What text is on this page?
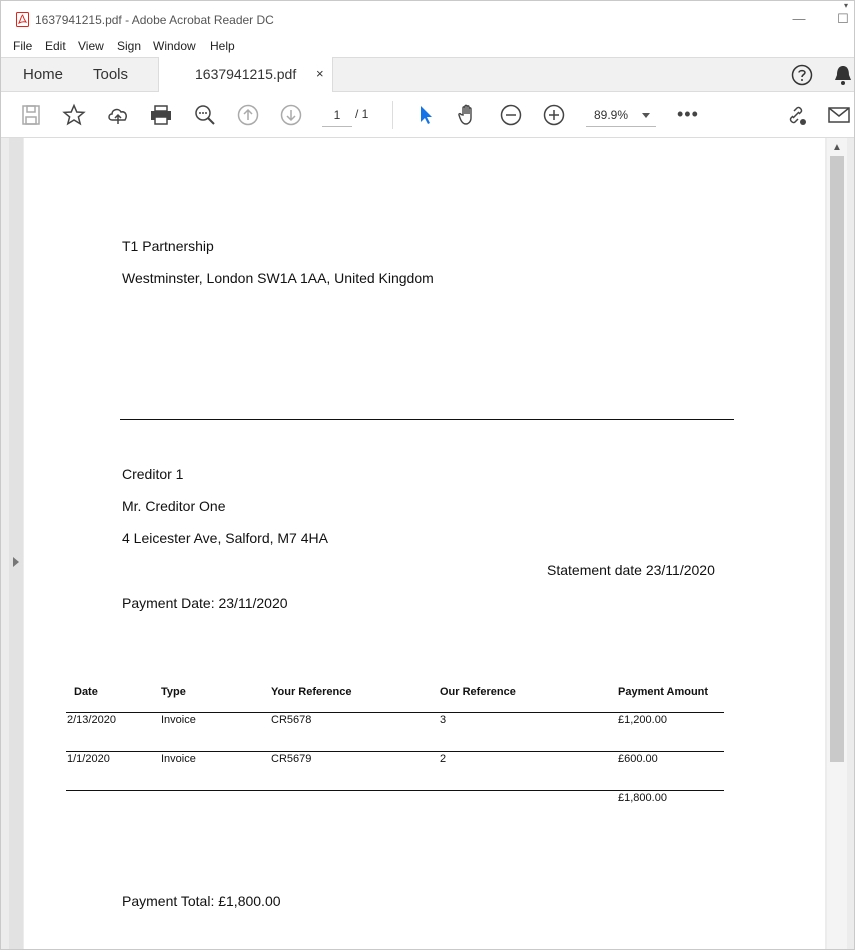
1637941215.pdf - Adobe Acrobat Reader DC	—	☐
▾
File Edit View Sign Window Help
Home Tools	1637941215.pdf ×
1	/ 1	89.9%	•••
T1 Partnership
Westminster, London SW1A 1AA, United Kingdom
Creditor 1
Mr. Creditor One
4 Leicester Ave, Salford, M7 4HA
Statement date 23/11/2020
Payment Date: 23/11/2020
Date	Type	Your Reference	Our Reference	Payment Amount
2/13/2020	Invoice	CR5678	3	£1,200.00
1/1/2020	Invoice	CR5679	2	£600.00
£1,800.00
Payment Total: £1,800.00
▲
